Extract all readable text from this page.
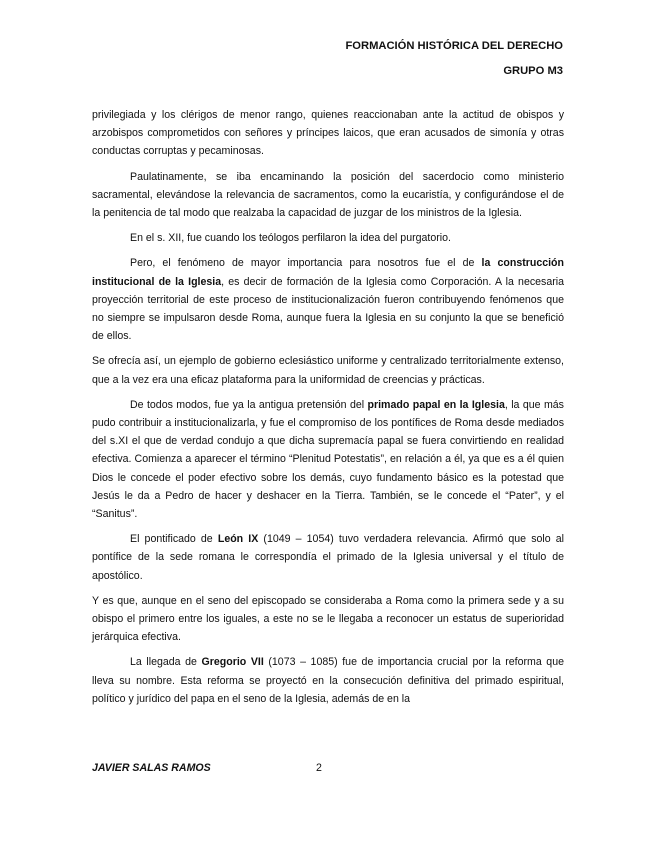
FORMACIÓN HISTÓRICA DEL DERECHO
GRUPO M3

privilegiada y los clérigos de menor rango, quienes reaccionaban ante la actitud de obispos y arzobispos comprometidos con señores y príncipes laicos, que eran acusados de simonía y otras conductas corruptas y pecaminosas.

Paulatinamente, se iba encaminando la posición del sacerdocio como ministerio sacramental, elevándose la relevancia de sacramentos, como la eucaristía, y configurándose el de la penitencia de tal modo que realzaba la capacidad de juzgar de los ministros de la Iglesia.

En el s. XII, fue cuando los teólogos perfilaron la idea del purgatorio.

Pero, el fenómeno de mayor importancia para nosotros fue el de la construcción institucional de la Iglesia, es decir de formación de la Iglesia como Corporación. A la necesaria proyección territorial de este proceso de institucionalización fueron contribuyendo fenómenos que no siempre se impulsaron desde Roma, aunque fuera la Iglesia en su conjunto la que se benefició de ellos.

Se ofrecía así, un ejemplo de gobierno eclesiástico uniforme y centralizado territorialmente extenso, que a la vez era una eficaz plataforma para la uniformidad de creencias y prácticas.

De todos modos, fue ya la antigua pretensión del primado papal en la Iglesia, la que más pudo contribuir a institucionalizarla, y fue el compromiso de los pontífices de Roma desde mediados del s.XI el que de verdad condujo a que dicha supremacía papal se fuera convirtiendo en realidad efectiva. Comienza a aparecer el término “Plenitud Potestatis”, en relación a él, ya que es a él quien Dios le concede el poder efectivo sobre los demás, cuyo fundamento básico es la potestad que Jesús le da a Pedro de hacer y deshacer en la Tierra. También, se le concede el “Pater”, y el “Sanitus”.

El pontificado de León IX (1049 – 1054) tuvo verdadera relevancia. Afirmó que solo al pontífice de la sede romana le correspondía el primado de la Iglesia universal y el título de apostólico.

Y es que, aunque en el seno del episcopado se consideraba a Roma como la primera sede y a su obispo el primero entre los iguales, a este no se le llegaba a reconocer un estatus de superioridad jerárquica efectiva.

La llegada de Gregorio VII (1073 – 1085) fue de importancia crucial por la reforma que lleva su nombre. Esta reforma se proyectó en la consecución definitiva del primado espiritual, político y jurídico del papa en el seno de la Iglesia, además de en la

JAVIER SALAS RAMOS	2
